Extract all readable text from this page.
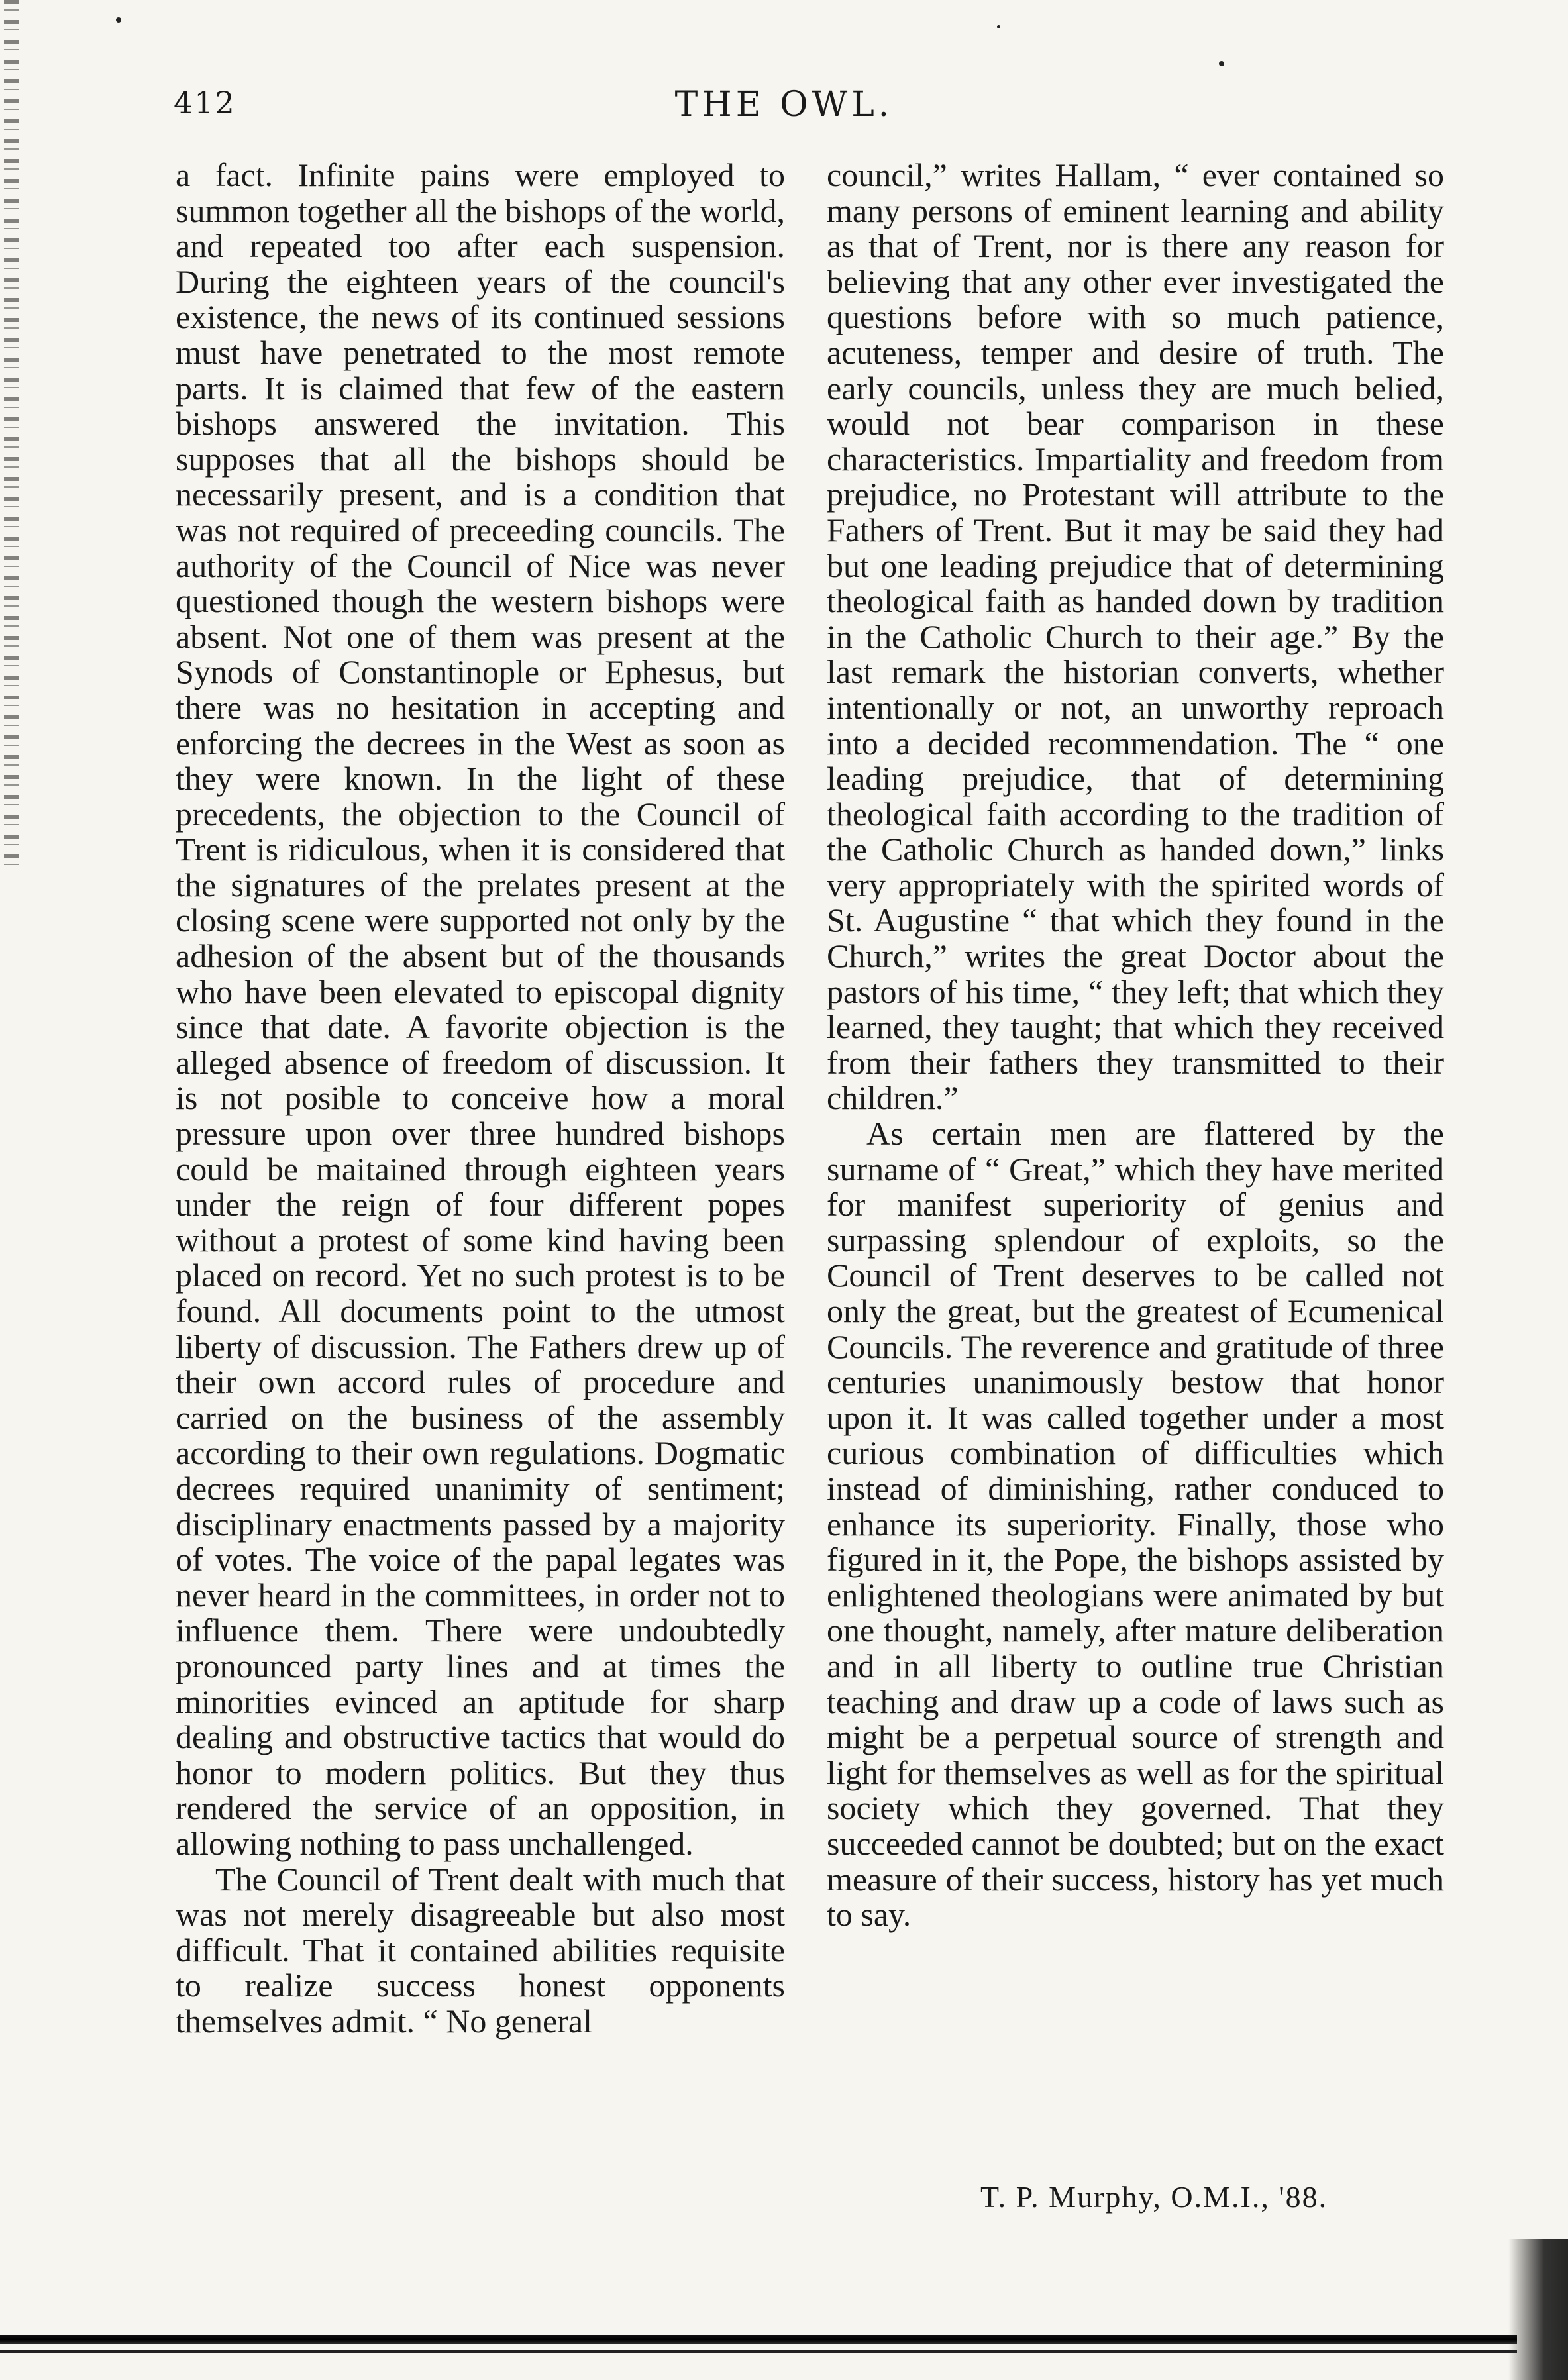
412	THE OWL.

a fact. Infinite pains were employed to summon together all the bishops of the world, and repeated too after each suspension. During the eighteen years of the council's existence, the news of its continued sessions must have penetrated to the most remote parts. It is claimed that few of the eastern bishops answered the invitation. This supposes that all the bishops should be necessarily present, and is a condition that was not required of preceeding councils. The authority of the Council of Nice was never questioned though the western bishops were absent. Not one of them was present at the Synods of Constantinople or Ephesus, but there was no hesitation in accepting and enforcing the decrees in the West as soon as they were known. In the light of these precedents, the objection to the Council of Trent is ridiculous, when it is considered that the signatures of the prelates present at the closing scene were supported not only by the adhesion of the absent but of the thousands who have been elevated to episcopal dignity since that date. A favorite objection is the alleged absence of freedom of discussion. It is not posible to conceive how a moral pressure upon over three hundred bishops could be maitained through eighteen years under the reign of four different popes without a protest of some kind having been placed on record. Yet no such protest is to be found. All documents point to the utmost liberty of discussion. The Fathers drew up of their own accord rules of procedure and carried on the business of the assembly according to their own regulations. Dogmatic decrees required unanimity of sentiment; disciplinary enactments passed by a majority of votes. The voice of the papal legates was never heard in the committees, in order not to influence them. There were undoubtedly pronounced party lines and at times the minorities evinced an aptitude for sharp dealing and obstructive tactics that would do honor to modern politics. But they thus rendered the service of an opposition, in allowing nothing to pass unchallenged.

The Council of Trent dealt with much that was not merely disagreeable but also most difficult. That it contained abilities requisite to realize success honest opponents themselves admit. “ No general

council,” writes Hallam, “ ever contained so many persons of eminent learning and ability as that of Trent, nor is there any reason for believing that any other ever investigated the questions before with so much patience, acuteness, temper and desire of truth. The early councils, unless they are much belied, would not bear comparison in these characteristics. Impartiality and freedom from prejudice, no Protestant will attribute to the Fathers of Trent. But it may be said they had but one leading prejudice that of determining theological faith as handed down by tradition in the Catholic Church to their age.” By the last remark the historian converts, whether intentionally or not, an unworthy reproach into a decided recommendation. The “ one leading prejudice, that of determining theological faith according to the tradition of the Catholic Church as handed down,” links very appropriately with the spirited words of St. Augustine “ that which they found in the Church,” writes the great Doctor about the pastors of his time, “ they left; that which they learned, they taught; that which they received from their fathers they transmitted to their children.”

As certain men are flattered by the surname of “ Great,” which they have merited for manifest superiority of genius and surpassing splendour of exploits, so the Council of Trent deserves to be called not only the great, but the greatest of Ecumenical Councils. The reverence and gratitude of three centuries unanimously bestow that honor upon it. It was called together under a most curious combination of difficulties which instead of diminishing, rather conduced to enhance its superiority. Finally, those who figured in it, the Pope, the bishops assisted by enlightened theologians were animated by but one thought, namely, after mature deliberation and in all liberty to outline true Christian teaching and draw up a code of laws such as might be a perpetual source of strength and light for themselves as well as for the spiritual society which they governed. That they succeeded cannot be doubted; but on the exact measure of their success, history has yet much to say.

T. P. Murphy, O.M.I., '88.
